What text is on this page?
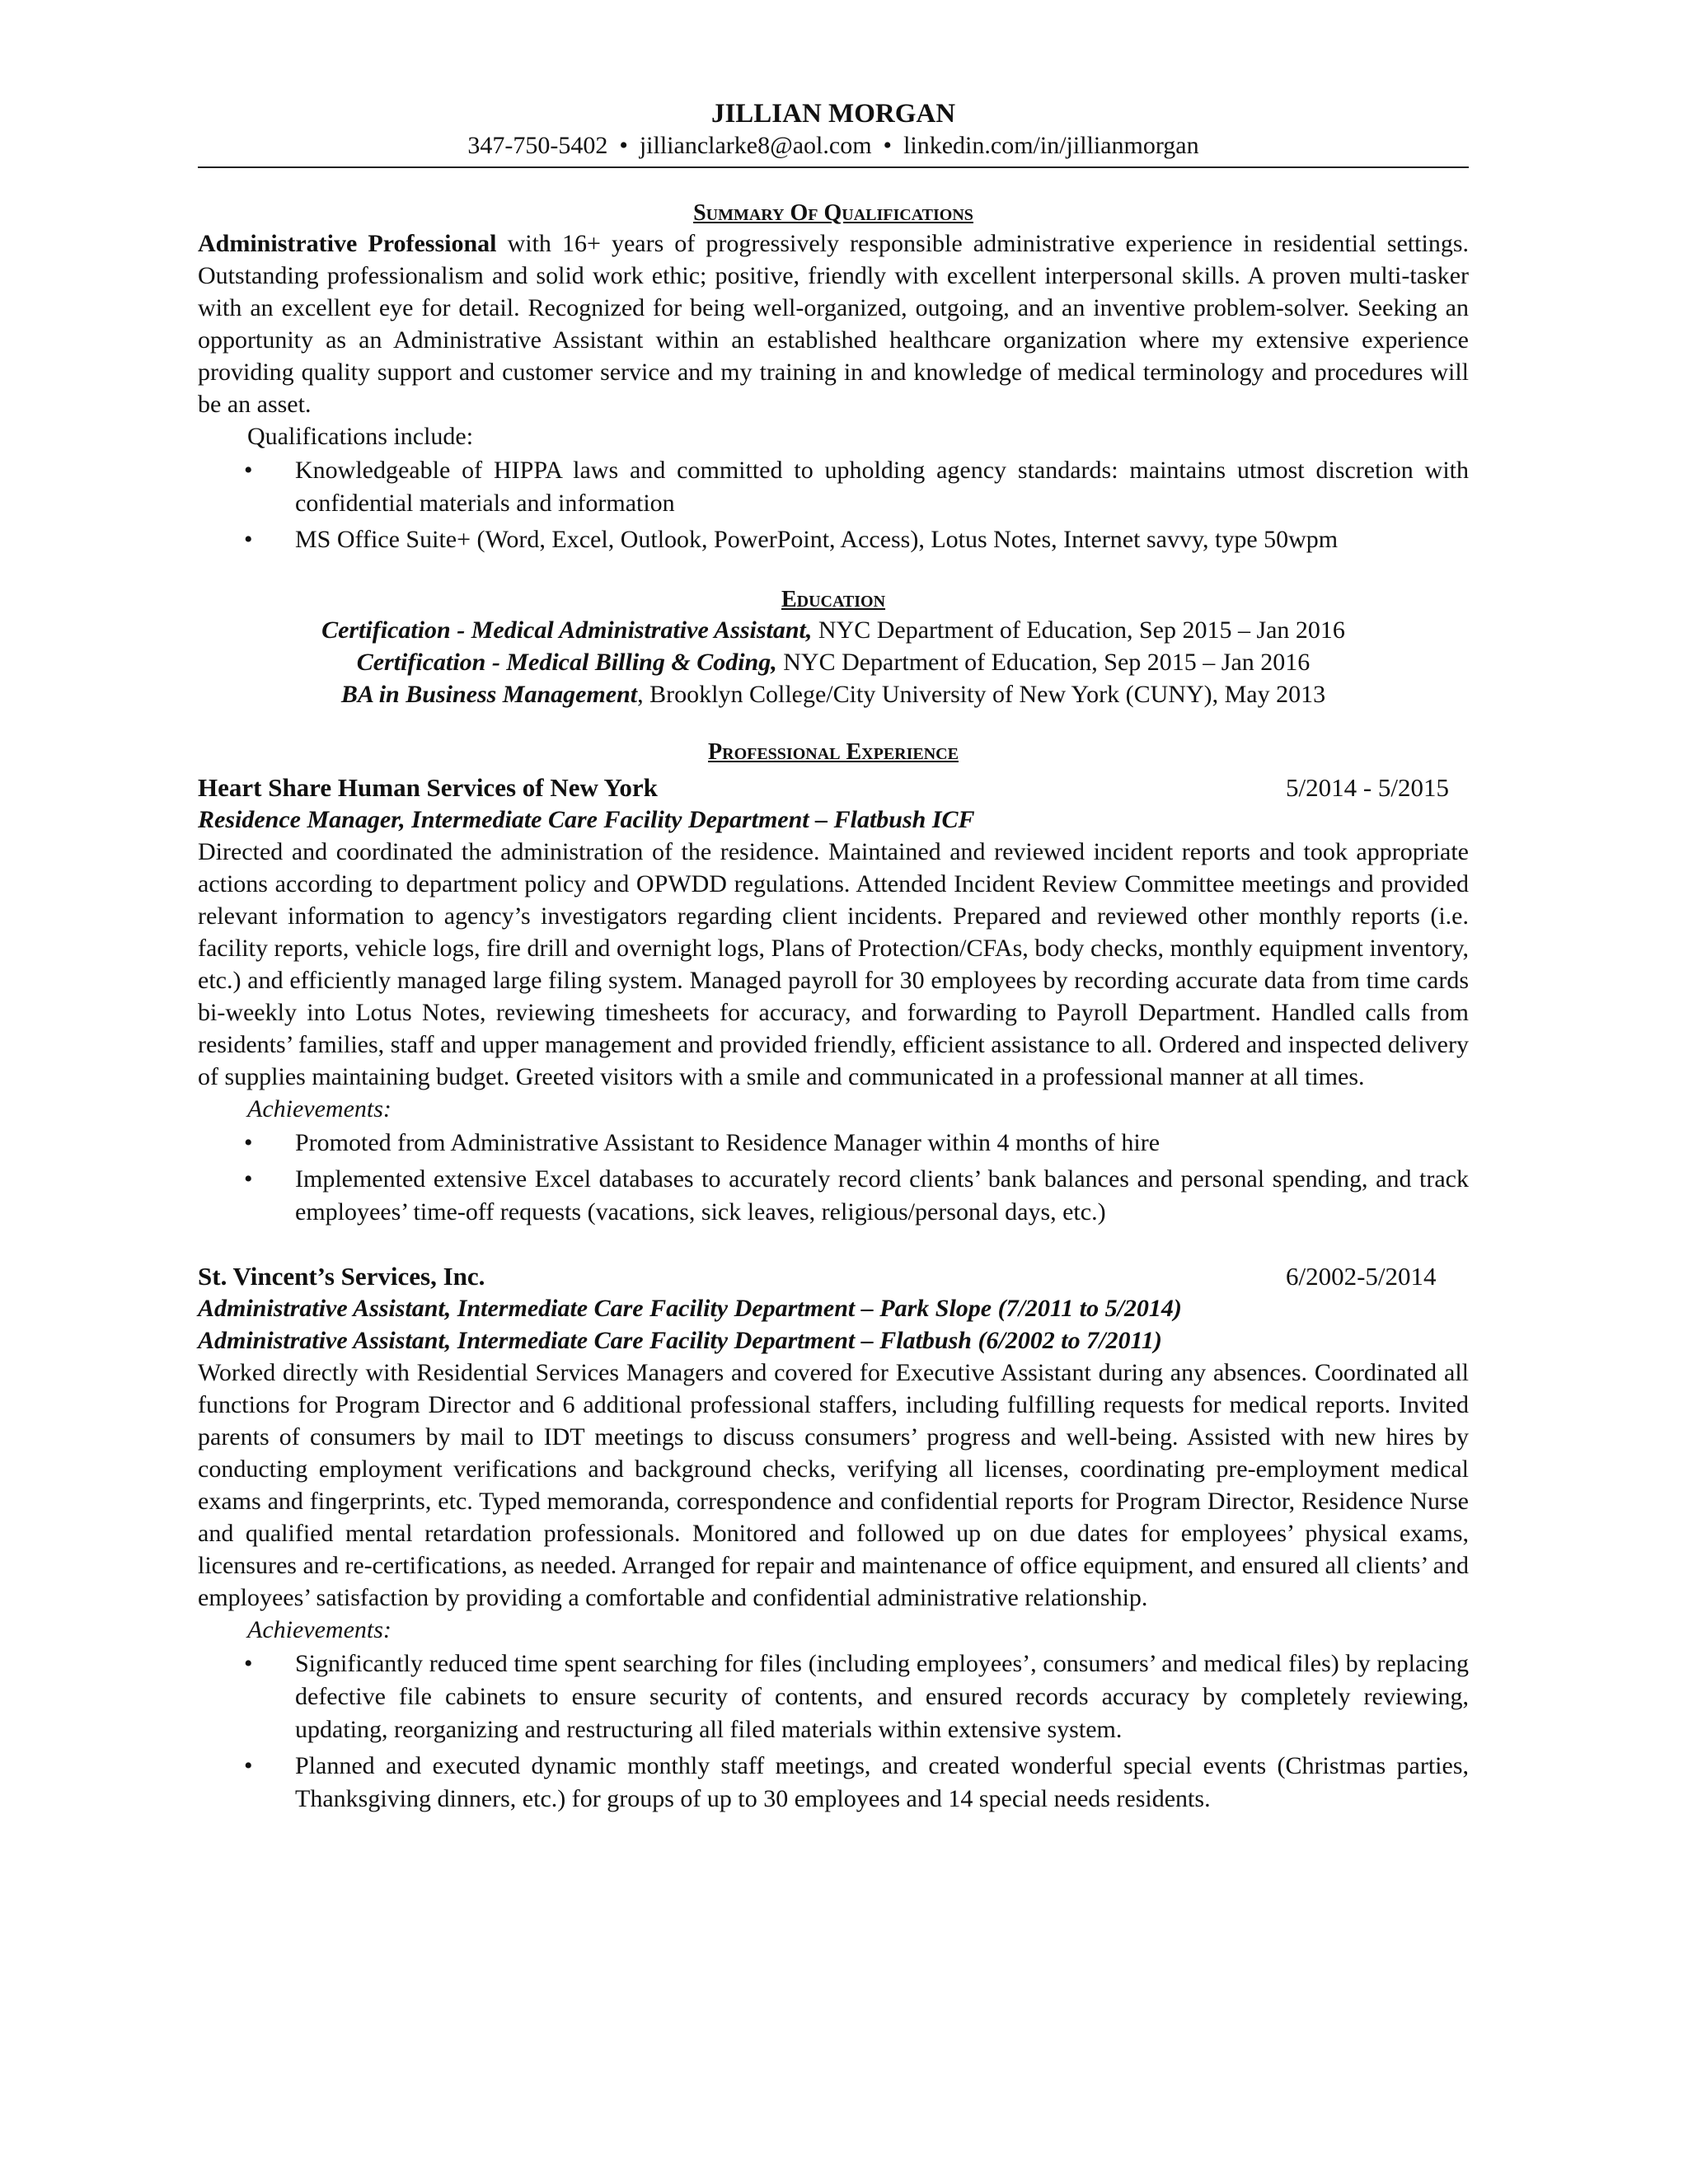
JILLIAN MORGAN
347-750-5402 • jillianclarke8@aol.com • linkedin.com/in/jillianmorgan
Summary Of Qualifications
Administrative Professional with 16+ years of progressively responsible administrative experience in residential settings. Outstanding professionalism and solid work ethic; positive, friendly with excellent interpersonal skills. A proven multi-tasker with an excellent eye for detail. Recognized for being well-organized, outgoing, and an inventive problem-solver. Seeking an opportunity as an Administrative Assistant within an established healthcare organization where my extensive experience providing quality support and customer service and my training in and knowledge of medical terminology and procedures will be an asset.
Qualifications include:
• Knowledgeable of HIPPA laws and committed to upholding agency standards: maintains utmost discretion with confidential materials and information
• MS Office Suite+ (Word, Excel, Outlook, PowerPoint, Access), Lotus Notes, Internet savvy, type 50wpm
Education
Certification - Medical Administrative Assistant, NYC Department of Education, Sep 2015 – Jan 2016
Certification - Medical Billing & Coding, NYC Department of Education, Sep 2015 – Jan 2016
BA in Business Management, Brooklyn College/City University of New York (CUNY), May 2013
Professional Experience
Heart Share Human Services of New York	5/2014 - 5/2015
Residence Manager, Intermediate Care Facility Department – Flatbush ICF
Directed and coordinated the administration of the residence. Maintained and reviewed incident reports and took appropriate actions according to department policy and OPWDD regulations. Attended Incident Review Committee meetings and provided relevant information to agency’s investigators regarding client incidents. Prepared and reviewed other monthly reports (i.e. facility reports, vehicle logs, fire drill and overnight logs, Plans of Protection/CFAs, body checks, monthly equipment inventory, etc.) and efficiently managed large filing system. Managed payroll for 30 employees by recording accurate data from time cards bi-weekly into Lotus Notes, reviewing timesheets for accuracy, and forwarding to Payroll Department. Handled calls from residents’ families, staff and upper management and provided friendly, efficient assistance to all. Ordered and inspected delivery of supplies maintaining budget. Greeted visitors with a smile and communicated in a professional manner at all times.
Achievements:
• Promoted from Administrative Assistant to Residence Manager within 4 months of hire
• Implemented extensive Excel databases to accurately record clients’ bank balances and personal spending, and track employees’ time-off requests (vacations, sick leaves, religious/personal days, etc.)
St. Vincent’s Services, Inc.	6/2002-5/2014
Administrative Assistant, Intermediate Care Facility Department – Park Slope (7/2011 to 5/2014)
Administrative Assistant, Intermediate Care Facility Department – Flatbush (6/2002 to 7/2011)
Worked directly with Residential Services Managers and covered for Executive Assistant during any absences. Coordinated all functions for Program Director and 6 additional professional staffers, including fulfilling requests for medical reports. Invited parents of consumers by mail to IDT meetings to discuss consumers’ progress and well-being. Assisted with new hires by conducting employment verifications and background checks, verifying all licenses, coordinating pre-employment medical exams and fingerprints, etc. Typed memoranda, correspondence and confidential reports for Program Director, Residence Nurse and qualified mental retardation professionals. Monitored and followed up on due dates for employees’ physical exams, licensures and re-certifications, as needed. Arranged for repair and maintenance of office equipment, and ensured all clients’ and employees’ satisfaction by providing a comfortable and confidential administrative relationship.
Achievements:
• Significantly reduced time spent searching for files (including employees’, consumers’ and medical files) by replacing defective file cabinets to ensure security of contents, and ensured records accuracy by completely reviewing, updating, reorganizing and restructuring all filed materials within extensive system.
• Planned and executed dynamic monthly staff meetings, and created wonderful special events (Christmas parties, Thanksgiving dinners, etc.) for groups of up to 30 employees and 14 special needs residents.
